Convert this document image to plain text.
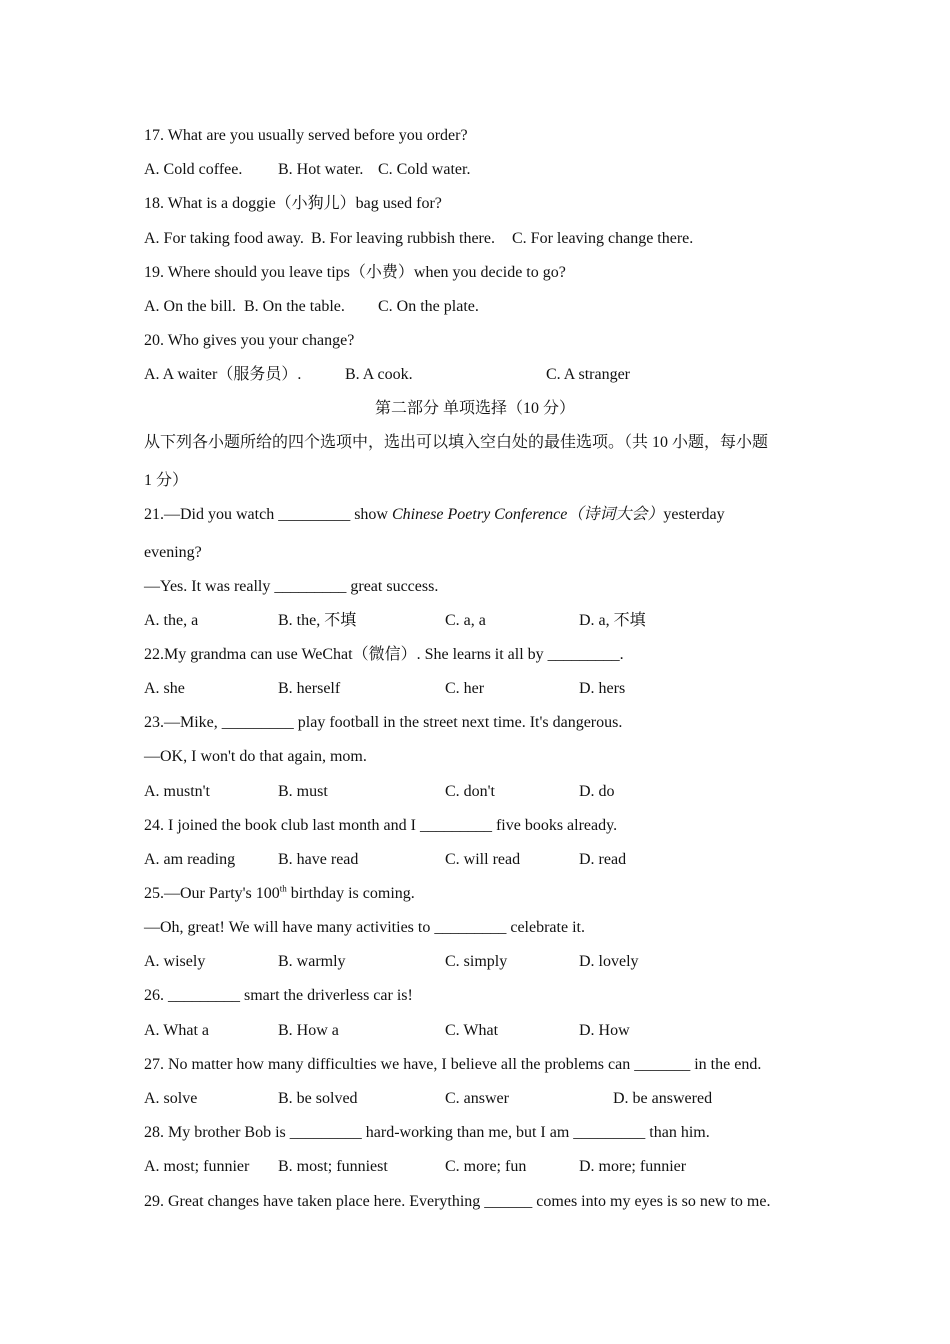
17. What are you usually served before you order?
A. Cold coffee. B. Hot water. C. Cold water.
18. What is a doggie（小狗儿）bag used for?
A. For taking food away. B. For leaving rubbish there. C. For leaving change there.
19. Where should you leave tips（小费）when you decide to go?
A. On the bill. B. On the table. C. On the plate.
20. Who gives you your change?
A. A waiter（服务员）.	B. A cook.	C. A stranger
第二部分 单项选择（10 分）
从下列各小题所给的四个选项中，选出可以填入空白处的最佳选项。（共 10 小题，每小题
1 分）
21.—Did you watch _________ show Chinese Poetry Conference（诗词大会）yesterday
evening?
—Yes. It was really _________ great success.
A. the, a	B. the, 不填	C. a, a	D. a, 不填
22.My grandma can use WeChat（微信）. She learns it all by _________.
A. she	B. herself	C. her	D. hers
23.—Mike, _________ play football in the street next time. It's dangerous.
—OK, I won't do that again, mom.
A. mustn't	B. must	C. don't	D. do
24. I joined the book club last month and I _________ five books already.
A. am reading	B. have read	C. will read	D. read
25.—Our Party's 100th birthday is coming.
—Oh, great! We will have many activities to _________ celebrate it.
A. wisely	B. warmly	C. simply	D. lovely
26. _________ smart the driverless car is!
A. What a	B. How a	C. What	D. How
27. No matter how many difficulties we have, I believe all the problems can _______ in the end.
A. solve	B. be solved	C. answer	D. be answered
28. My brother Bob is _________ hard-working than me, but I am _________ than him.
A. most; funnier B. most; funniest	C. more; fun	D. more; funnier
29. Great changes have taken place here. Everything ______ comes into my eyes is so new to me.
